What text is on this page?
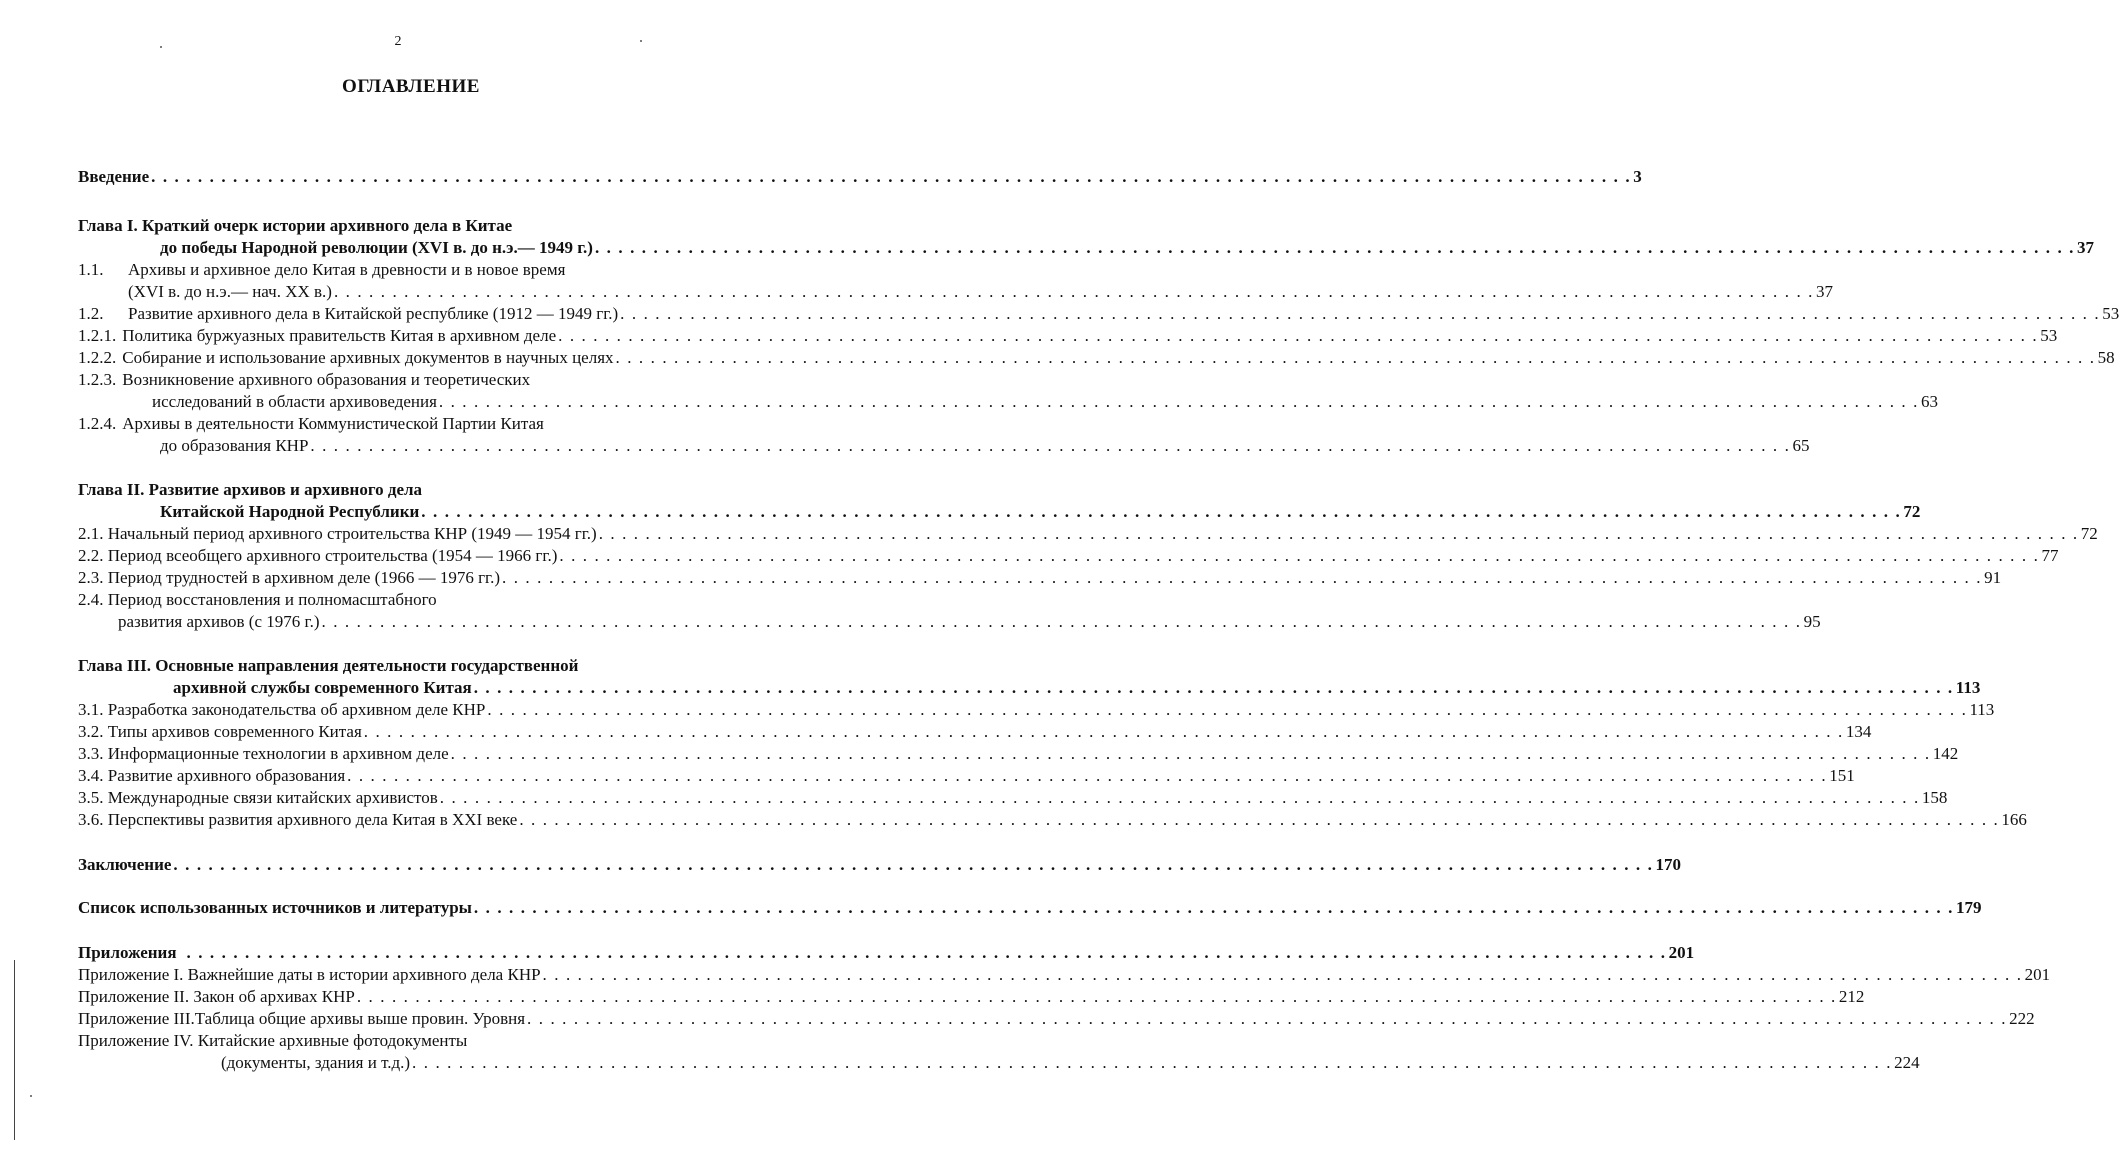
2
ОГЛАВЛЕНИЕ
Введение . . .	3
Глава I. Краткий очерк истории архивного дела в Китае
до победы Народной революции (XVI в. до н.э.— 1949 г.) . . .	37
1.1.	Архивы и архивное дело Китая в древности и в новое время
(XVI в. до н.э.— нач. XX в.) . . .	37
1.2.	Развитие архивного дела в Китайской республике (1912 — 1949 гг.) . . .	53
1.2.1. Политика буржуазных правительств Китая в архивном деле . . .	53
1.2.2. Собирание и использование архивных документов в научных целях . . .	58
1.2.3. Возникновение архивного образования и теоретических
исследований в области архивоведения . . .	63
1.2.4. Архивы в деятельности Коммунистической Партии Китая
до образования КНР . . .	65
Глава II. Развитие архивов и архивного дела
Китайской Народной Республики . . .	72
2.1. Начальный период архивного строительства КНР (1949 — 1954 гг.) . . .	72
2.2. Период всеобщего архивного строительства (1954 — 1966 гг.) . . .	77
2.3. Период трудностей в архивном деле (1966 — 1976 гг.) . . .	91
2.4. Период восстановления и полномасштабного
развития архивов (с 1976 г.) . . .	95
Глава III. Основные направления деятельности государственной
архивной службы современного Китая . . .	113
3.1. Разработка законодательства об архивном деле КНР . . .	113
3.2. Типы архивов современного Китая . . .	134
3.3. Информационные технологии в архивном деле . . .	142
3.4. Развитие архивного образования . . .	151
3.5. Международные связи китайских архивистов . . .	158
3.6. Перспективы развития архивного дела Китая в XXI веке . . .	166
Заключение . . .	170
Список использованных источников и литературы . . .	179
Приложения . . .	201
Приложение I. Важнейшие даты в истории архивного дела КНР . . .	201
Приложение II. Закон об архивах КНР . . .	212
Приложение III.Таблица общие архивы выше провин. Уровня . . .	222
Приложение IV. Китайские архивные фотодокументы
(документы, здания и т.д.) . . .	224
